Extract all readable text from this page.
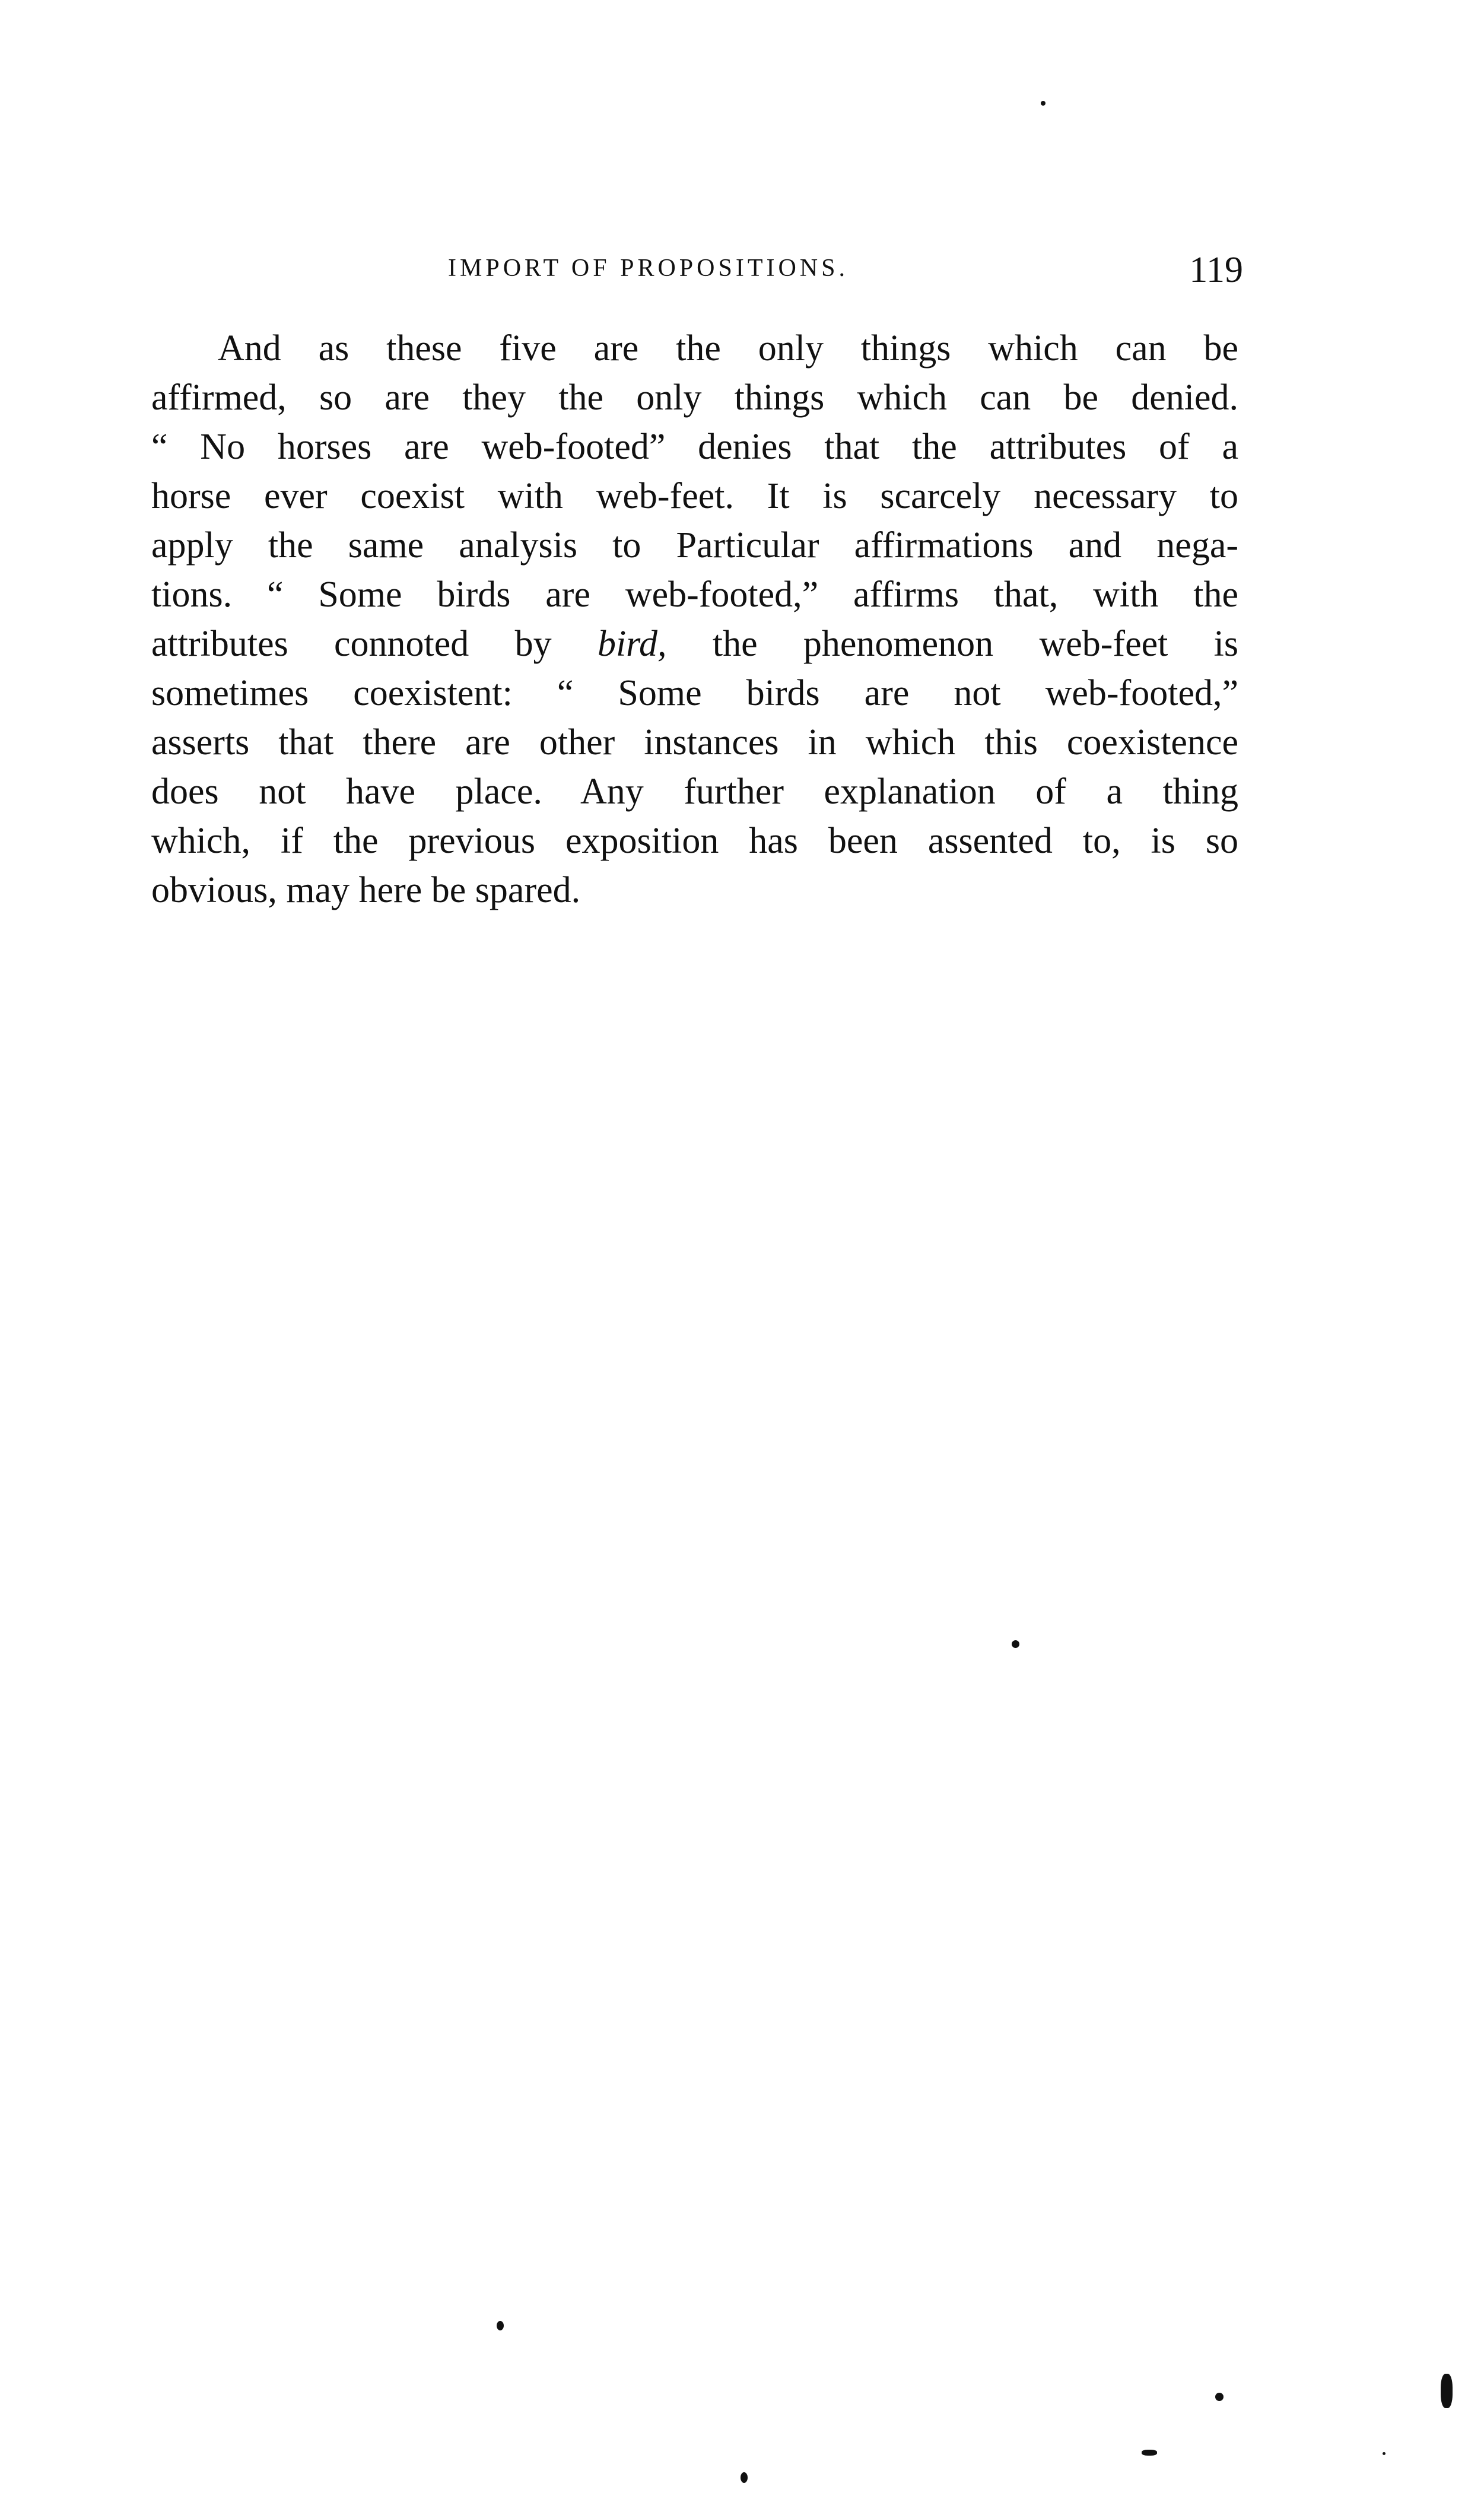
IMPORT OF PROPOSITIONS.	119
And as these five are the only things which can be
affirmed, so are they the only things which can be denied.
“ No horses are web-footed” denies that the attributes of a
horse ever coexist with web-feet. It is scarcely necessary to
apply the same analysis to Particular affirmations and nega-
tions. “ Some birds are web-footed,” affirms that, with the
attributes connoted by bird, the phenomenon web-feet is
sometimes coexistent: “ Some birds are not web-footed,”
asserts that there are other instances in which this coexistence
does not have place. Any further explanation of a thing
which, if the previous exposition has been assented to, is so
obvious, may here be spared.
